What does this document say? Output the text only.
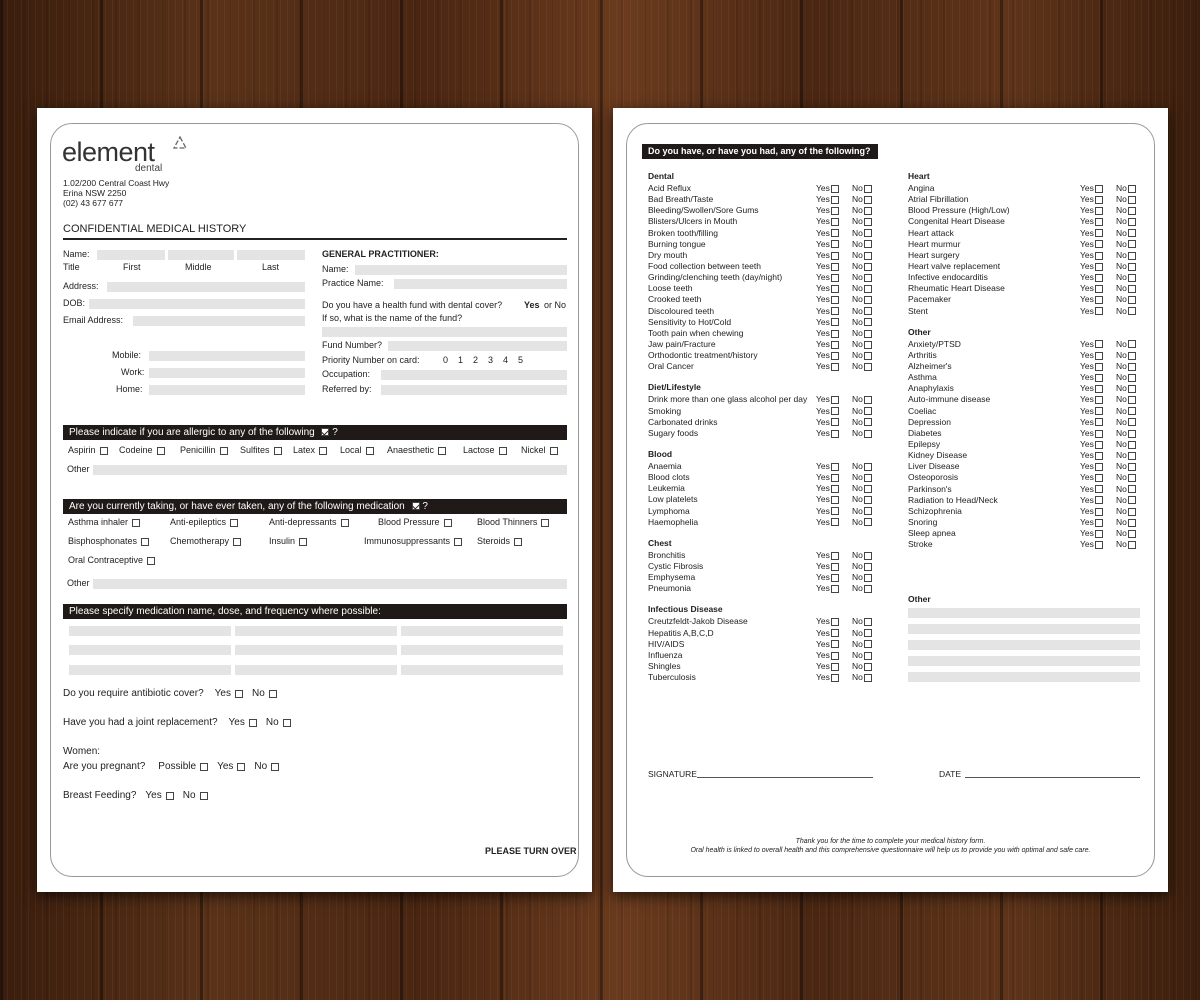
element
dental
1.02/200 Central Coast Hwy
Erina NSW 2250
(02) 43 677 677
CONFIDENTIAL MEDICAL HISTORY
Name:
Title	First	Middle	Last
Address:
DOB:
Email Address:
Mobile:
Work:
Home:
GENERAL PRACTITIONER:
Name:
Practice Name:
Do you have a health fund with dental cover? Yes or No
If so, what is the name of the fund?
Fund Number?
Priority Number on card:	0 1 2 3 4 5
Occupation:
Referred by:
Please indicate if you are allergic to any of the following ?
Aspirin	Codeine	Penicillin	Sulfites	Latex	Local	Anaesthetic	Lactose	Nickel
Other
Are you currently taking, or have ever taken, any of the following medication ?
Asthma inhaler	Anti-epileptics	Anti-depressants	Blood Pressure	Blood Thinners
Bisphosphonates	Chemotherapy	Insulin	Immunosuppressants	Steroids
Oral Contraceptive
Other
Please specify medication name, dose, and frequency where possible:
Do you require antibiotic cover? Yes No
Have you had a joint replacement? Yes No
Women:
Are you pregnant? Possible Yes No
Breast Feeding? Yes No
PLEASE TURN OVER
Do you have, or have you had, any of the following?
Dental
Acid Reflux	Yes	No
Bad Breath/Taste	Yes	No
Bleeding/Swollen/Sore Gums	Yes	No
Blisters/Ulcers in Mouth	Yes	No
Broken tooth/filling	Yes	No
Burning tongue	Yes	No
Dry mouth	Yes	No
Food collection between teeth	Yes	No
Grinding/clenching teeth (day/night)	Yes	No
Loose teeth	Yes	No
Crooked teeth	Yes	No
Discoloured teeth	Yes	No
Sensitivity to Hot/Cold	Yes	No
Tooth pain when chewing	Yes	No
Jaw pain/Fracture	Yes	No
Orthodontic treatment/history	Yes	No
Oral Cancer	Yes	No
Diet/Lifestyle
Drink more than one glass alcohol per day Yes	No
Smoking	Yes	No
Carbonated drinks	Yes	No
Sugary foods	Yes	No
Blood
Anaemia	Yes	No
Blood clots	Yes	No
Leukemia	Yes	No
Low platelets	Yes	No
Lymphoma	Yes	No
Haemophelia	Yes	No
Chest
Bronchitis	Yes	No
Cystic Fibrosis	Yes	No
Emphysema	Yes	No
Pneumonia	Yes	No
Infectious Disease
Creutzfeldt-Jakob Disease	Yes	No
Hepatitis A,B,C,D	Yes	No
HIV/AIDS	Yes	No
Influenza	Yes	No
Shingles	Yes	No
Tuberculosis	Yes	No
Heart
Angina	Yes	No
Atrial Fibrillation	Yes	No
Blood Pressure (High/Low)	Yes	No
Congenital Heart Disease	Yes	No
Heart attack	Yes	No
Heart murmur	Yes	No
Heart surgery	Yes	No
Heart valve replacement	Yes	No
Infective endocarditis	Yes	No
Rheumatic Heart Disease	Yes	No
Pacemaker	Yes	No
Stent	Yes	No
Other
Anxiety/PTSD	Yes	No
Arthritis	Yes	No
Alzheimer's	Yes	No
Asthma	Yes	No
Anaphylaxis	Yes	No
Auto-immune disease	Yes	No
Coeliac	Yes	No
Depression	Yes	No
Diabetes	Yes	No
Epilepsy	Yes	No
Kidney Disease	Yes	No
Liver Disease	Yes	No
Osteoporosis	Yes	No
Parkinson's	Yes	No
Radiation to Head/Neck	Yes	No
Schizophrenia	Yes	No
Snoring	Yes	No
Sleep apnea	Yes	No
Stroke	Yes	No
Other
SIGNATURE	DATE
Thank you for the time to complete your medical history form.
Oral health is linked to overall health and this comprehensive questionnaire will help us to provide you with optimal and safe care.
